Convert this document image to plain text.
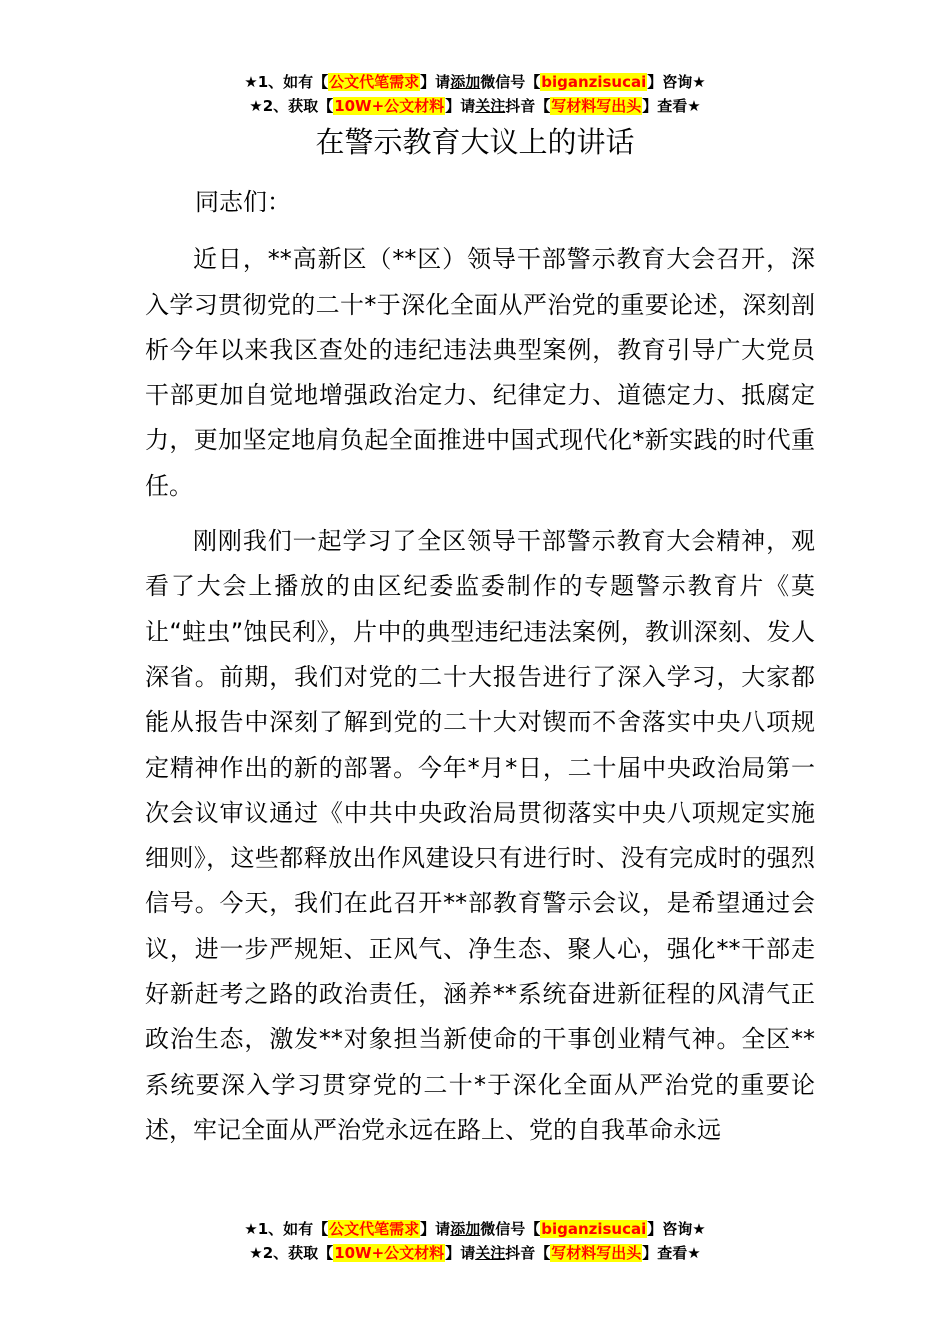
★1、如有【公文代笔需求】请添加微信号【biganzisucai】咨询★
★2、获取【10W+公文材料】请关注抖音【写材料写出头】查看★
在警示教育大议上的讲话

同志们：

近日，**高新区（**区）领导干部警示教育大会召开，深入学习贯彻党的二十*于深化全面从严治党的重要论述，深刻剖析今年以来我区查处的违纪违法典型案例，教育引导广大党员干部更加自觉地增强政治定力、纪律定力、道德定力、抵腐定力，更加坚定地肩负起全面推进中国式现代化*新实践的时代重任。

刚刚我们一起学习了全区领导干部警示教育大会精神，观看了大会上播放的由区纪委监委制作的专题警示教育片《莫让“蛀虫”蚀民利》，片中的典型违纪违法案例，教训深刻、发人深省。前期，我们对党的二十大报告进行了深入学习，大家都能从报告中深刻了解到党的二十大对锲而不舍落实中央八项规定精神作出的新的部署。今年*月*日，二十届中央政治局第一次会议审议通过《中共中央政治局贯彻落实中央八项规定实施细则》，这些都释放出作风建设只有进行时、没有完成时的强烈信号。今天，我们在此召开**部教育警示会议，是希望通过会议，进一步严规矩、正风气、净生态、聚人心，强化**干部走好新赶考之路的政治责任，涵养**系统奋进新征程的风清气正政治生态，激发**对象担当新使命的干事创业精气神。全区**系统要深入学习贯穿党的二十*于深化全面从严治党的重要论述，牢记全面从严治党永远在路上、党的自我革命永远

★1、如有【公文代笔需求】请添加微信号【biganzisucai】咨询★
★2、获取【10W+公文材料】请关注抖音【写材料写出头】查看★
